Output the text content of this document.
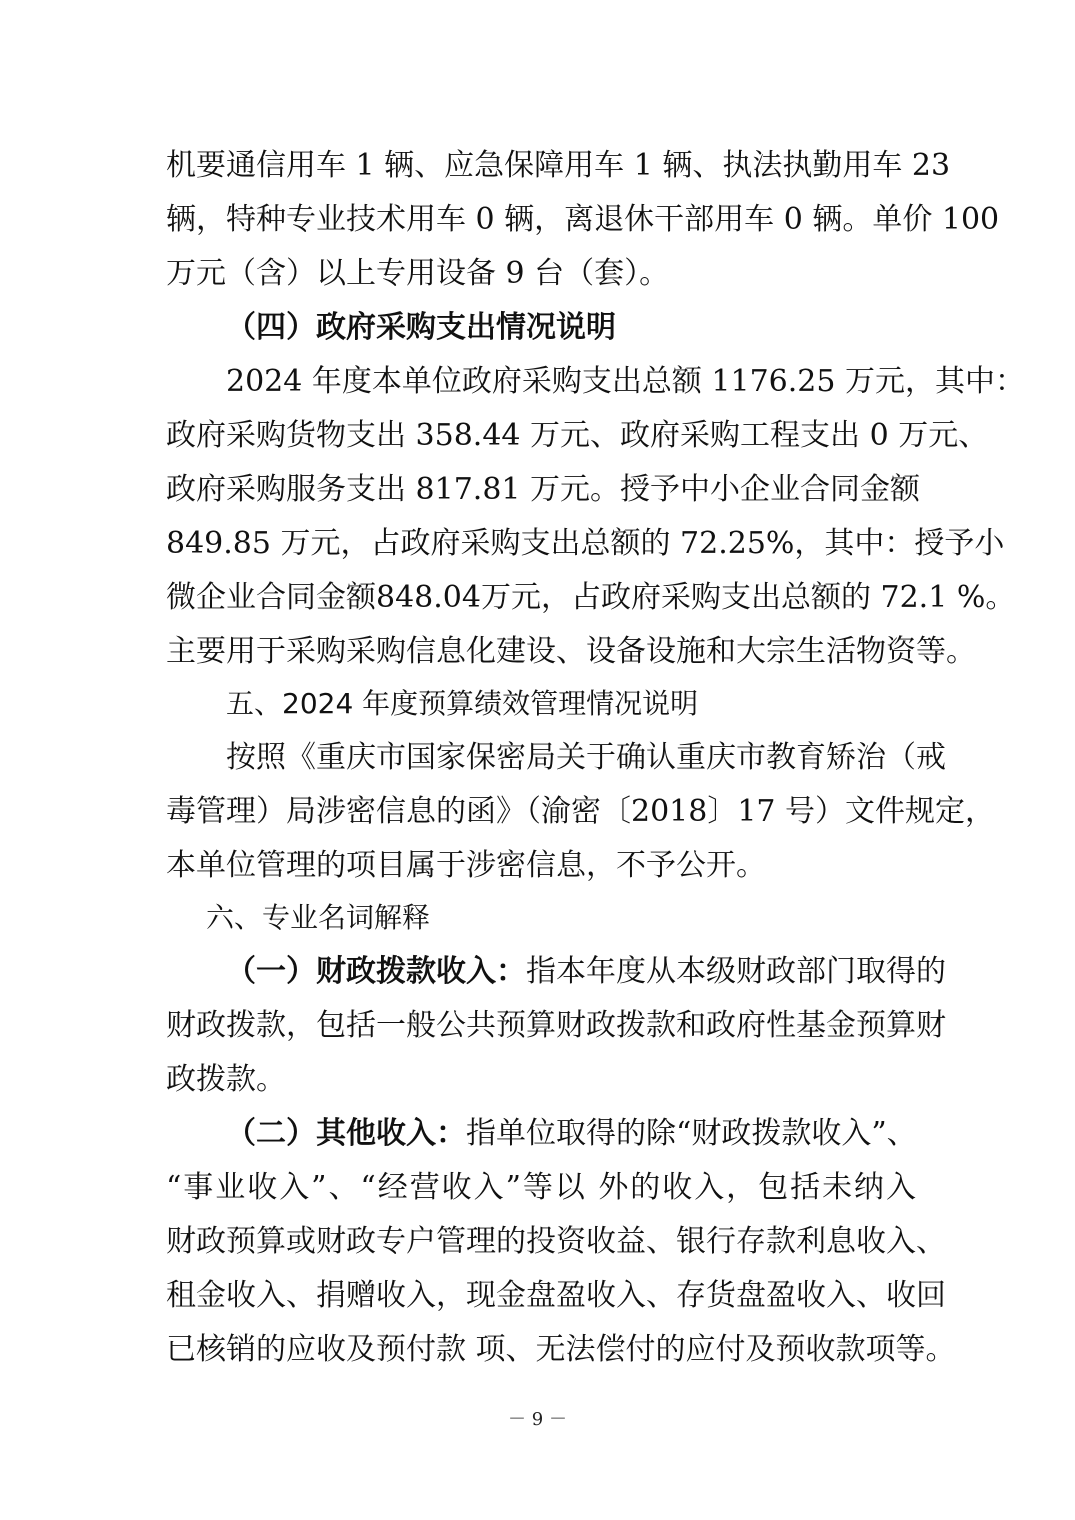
机要通信用车 1 辆、应急保障用车 1 辆、执法执勤用车 23
辆，特种专业技术用车 0 辆，离退休干部用车 0 辆。单价 100
万元（含）以上专用设备 9 台（套）。
（四）政府采购支出情况说明
2024 年度本单位政府采购支出总额 1176.25 万元，其中：
政府采购货物支出 358.44 万元、政府采购工程支出 0 万元、
政府采购服务支出 817.81 万元。授予中小企业合同金额
849.85 万元，占政府采购支出总额的 72.25%，其中：授予小
微企业合同金额848.04万元，占政府采购支出总额的 72.1 %。
主要用于采购采购信息化建设、设备设施和大宗生活物资等。
五、2024 年度预算绩效管理情况说明
按照《重庆市国家保密局关于确认重庆市教育矫治（戒
毒管理）局涉密信息的函》（渝密〔2018〕17 号）文件规定，
本单位管理的项目属于涉密信息，不予公开。
六、专业名词解释
（一）财政拨款收入：指本年度从本级财政部门取得的
财政拨款，包括一般公共预算财政拨款和政府性基金预算财
政拨款。
（二）其他收入：指单位取得的除“财政拨款收入”、
“事业收入”、“经营收入”等以 外的收入，包括未纳入
财政预算或财政专户管理的投资收益、银行存款利息收入、
租金收入、捐赠收入，现金盘盈收入、存货盘盈收入、收回
已核销的应收及预付款 项、无法偿付的应付及预收款项等。
－ 9 －
